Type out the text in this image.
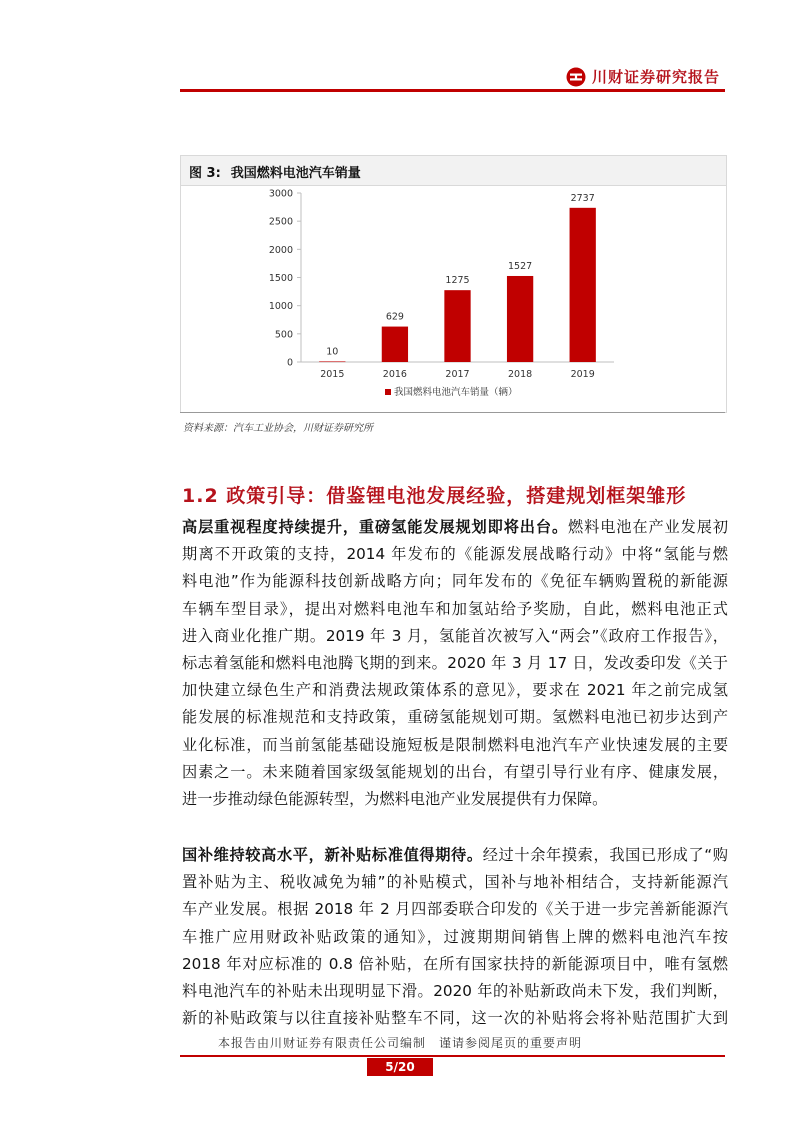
川财证券研究报告
图 3: 我国燃料电池汽车销量
0
500
1000
1500
2000
2500
3000
10
2015
629
2016
1275
2017
1527
2018
2737
2019
我国燃料电池汽车销量（辆）
资料来源：汽车工业协会，川财证券研究所
1.2 政策引导：借鉴锂电池发展经验，搭建规划框架雏形
高层重视程度持续提升，重磅氢能发展规划即将出台。燃料电池在产业发展初
期离不开政策的支持，2014 年发布的《能源发展战略行动》中将“氢能与燃
料电池”作为能源科技创新战略方向；同年发布的《免征车辆购置税的新能源
车辆车型目录》，提出对燃料电池车和加氢站给予奖励，自此，燃料电池正式
进入商业化推广期。2019 年 3 月，氢能首次被写入“两会”《政府工作报告》，
标志着氢能和燃料电池腾飞期的到来。2020 年 3 月 17 日，发改委印发《关于
加快建立绿色生产和消费法规政策体系的意见》，要求在 2021 年之前完成氢
能发展的标准规范和支持政策，重磅氢能规划可期。氢燃料电池已初步达到产
业化标准，而当前氢能基础设施短板是限制燃料电池汽车产业快速发展的主要
因素之一。未来随着国家级氢能规划的出台，有望引导行业有序、健康发展，
进一步推动绿色能源转型，为燃料电池产业发展提供有力保障。
国补维持较高水平，新补贴标准值得期待。经过十余年摸索，我国已形成了“购
置补贴为主、税收减免为辅”的补贴模式，国补与地补相结合，支持新能源汽
车产业发展。根据 2018 年 2 月四部委联合印发的《关于进一步完善新能源汽
车推广应用财政补贴政策的通知》，过渡期期间销售上牌的燃料电池汽车按
2018 年对应标准的 0.8 倍补贴，在所有国家扶持的新能源项目中，唯有氢燃
料电池汽车的补贴未出现明显下滑。2020 年的补贴新政尚未下发，我们判断，
新的补贴政策与以往直接补贴整车不同，这一次的补贴将会将补贴范围扩大到
本报告由川财证券有限责任公司编制　谨请参阅尾页的重要声明
5/20
